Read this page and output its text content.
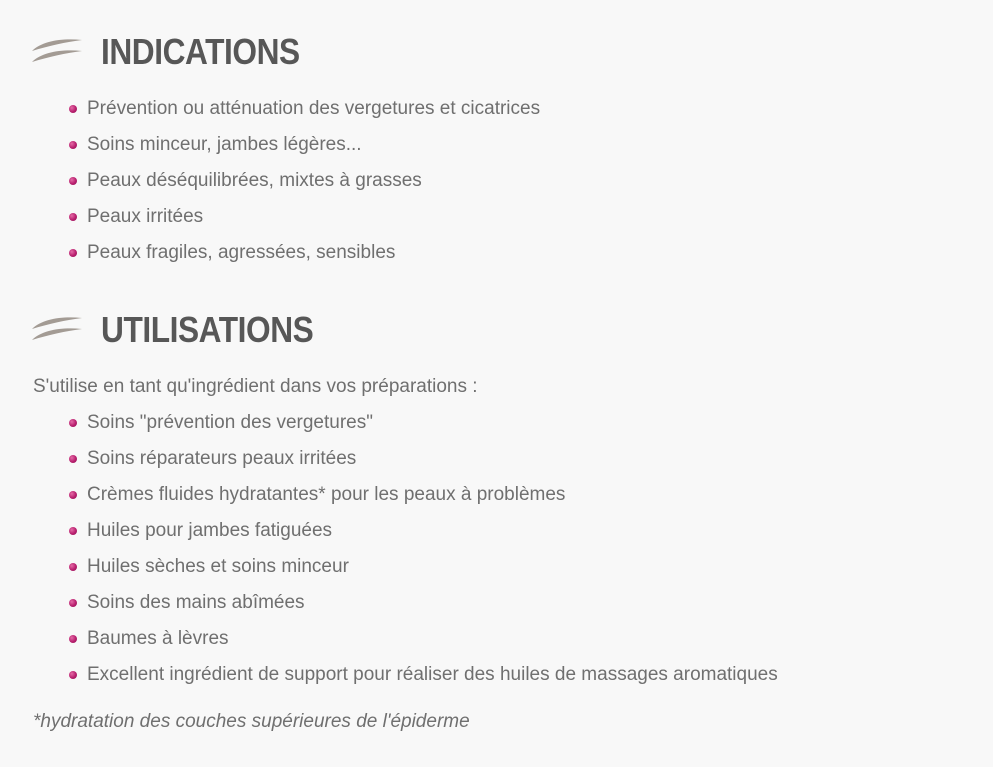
INDICATIONS
Prévention ou atténuation des vergetures et cicatrices
Soins minceur, jambes légères...
Peaux déséquilibrées, mixtes à grasses
Peaux irritées
Peaux fragiles, agressées, sensibles
UTILISATIONS
S'utilise en tant qu'ingrédient dans vos préparations :
Soins "prévention des vergetures"
Soins réparateurs peaux irritées
Crèmes fluides hydratantes* pour les peaux à problèmes
Huiles pour jambes fatiguées
Huiles sèches et soins minceur
Soins des mains abîmées
Baumes à lèvres
Excellent ingrédient de support pour réaliser des huiles de massages aromatiques
*hydratation des couches supérieures de l'épiderme
